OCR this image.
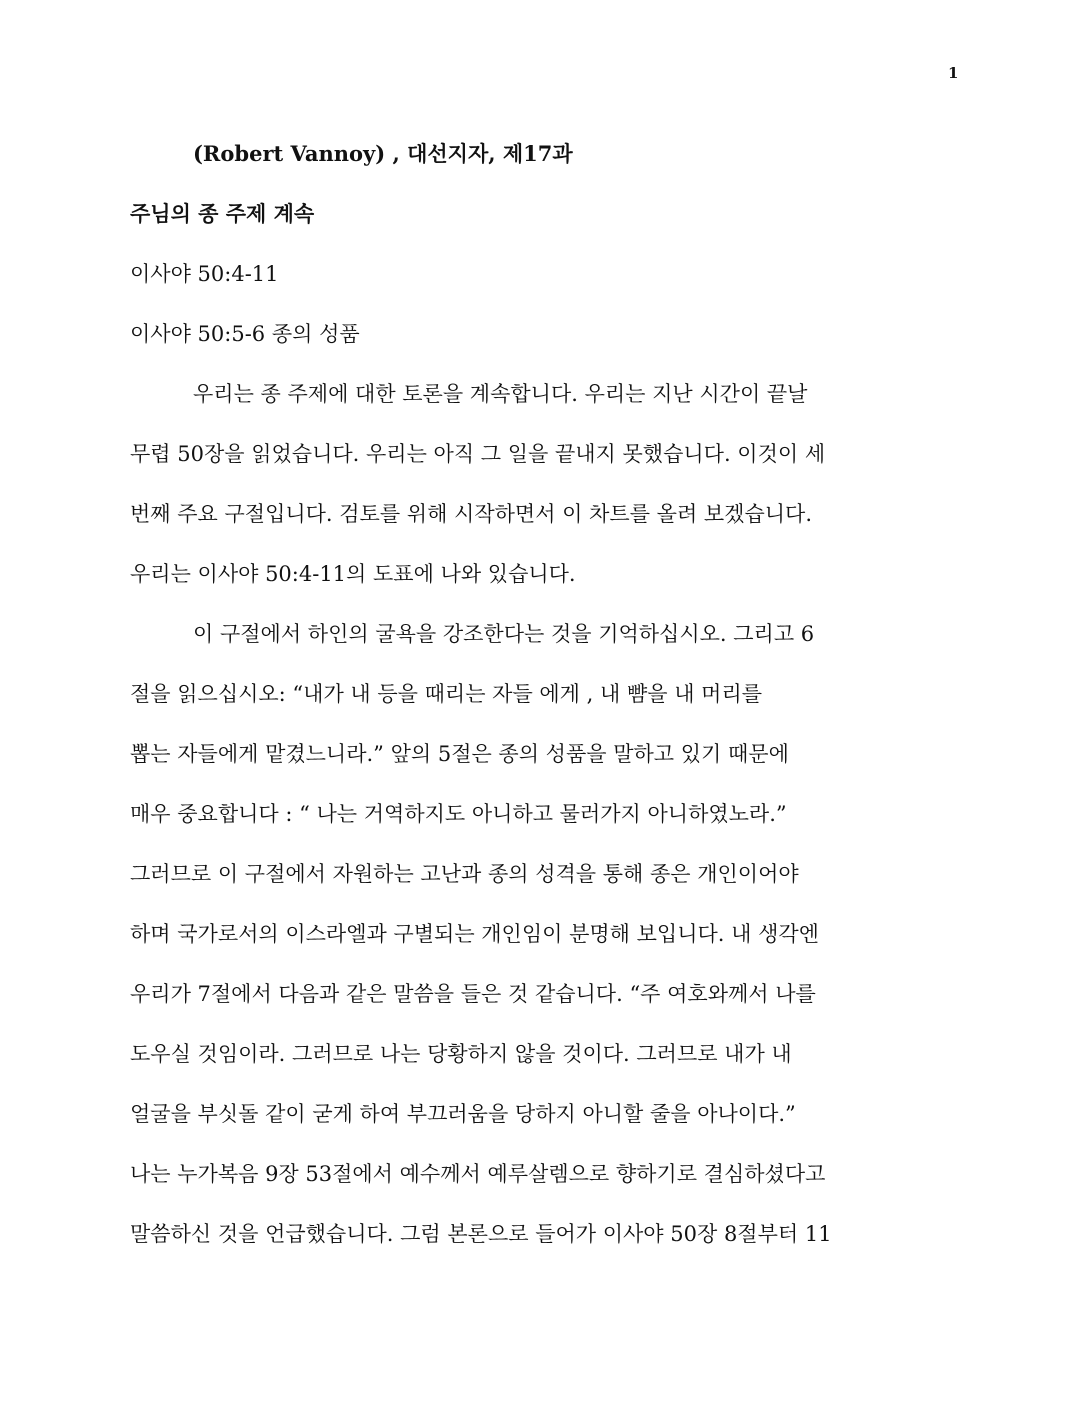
1
(Robert Vannoy) , 대선지자, 제17과
주님의 종 주제 계속
이사야 50:4-11
이사야 50:5-6 종의 성품
우리는 종 주제에 대한 토론을 계속합니다. 우리는 지난 시간이 끝날
무렵 50장을 읽었습니다. 우리는 아직 그 일을 끝내지 못했습니다. 이것이 세
번째 주요 구절입니다. 검토를 위해 시작하면서 이 차트를 올려 보겠습니다.
우리는 이사야 50:4-11의 도표에 나와 있습니다.
이 구절에서 하인의 굴욕을 강조한다는 것을 기억하십시오. 그리고 6
절을 읽으십시오: “내가 내 등을 때리는 자들 에게 , 내 뺨을 내 머리를
뽑는 자들에게 맡겼느니라.” 앞의 5절은 종의 성품을 말하고 있기 때문에
매우 중요합니다 : “ 나는 거역하지도 아니하고 물러가지 아니하였노라.”
그러므로 이 구절에서 자원하는 고난과 종의 성격을 통해 종은 개인이어야
하며 국가로서의 이스라엘과 구별되는 개인임이 분명해 보입니다. 내 생각엔
우리가 7절에서 다음과 같은 말씀을 들은 것 같습니다. “주 여호와께서 나를
도우실 것임이라. 그러므로 나는 당황하지 않을 것이다. 그러므로 내가 내
얼굴을 부싯돌 같이 굳게 하여 부끄러움을 당하지 아니할 줄을 아나이다.”
나는 누가복음 9장 53절에서 예수께서 예루살렘으로 향하기로 결심하셨다고
말씀하신 것을 언급했습니다. 그럼 본론으로 들어가 이사야 50장 8절부터 11
